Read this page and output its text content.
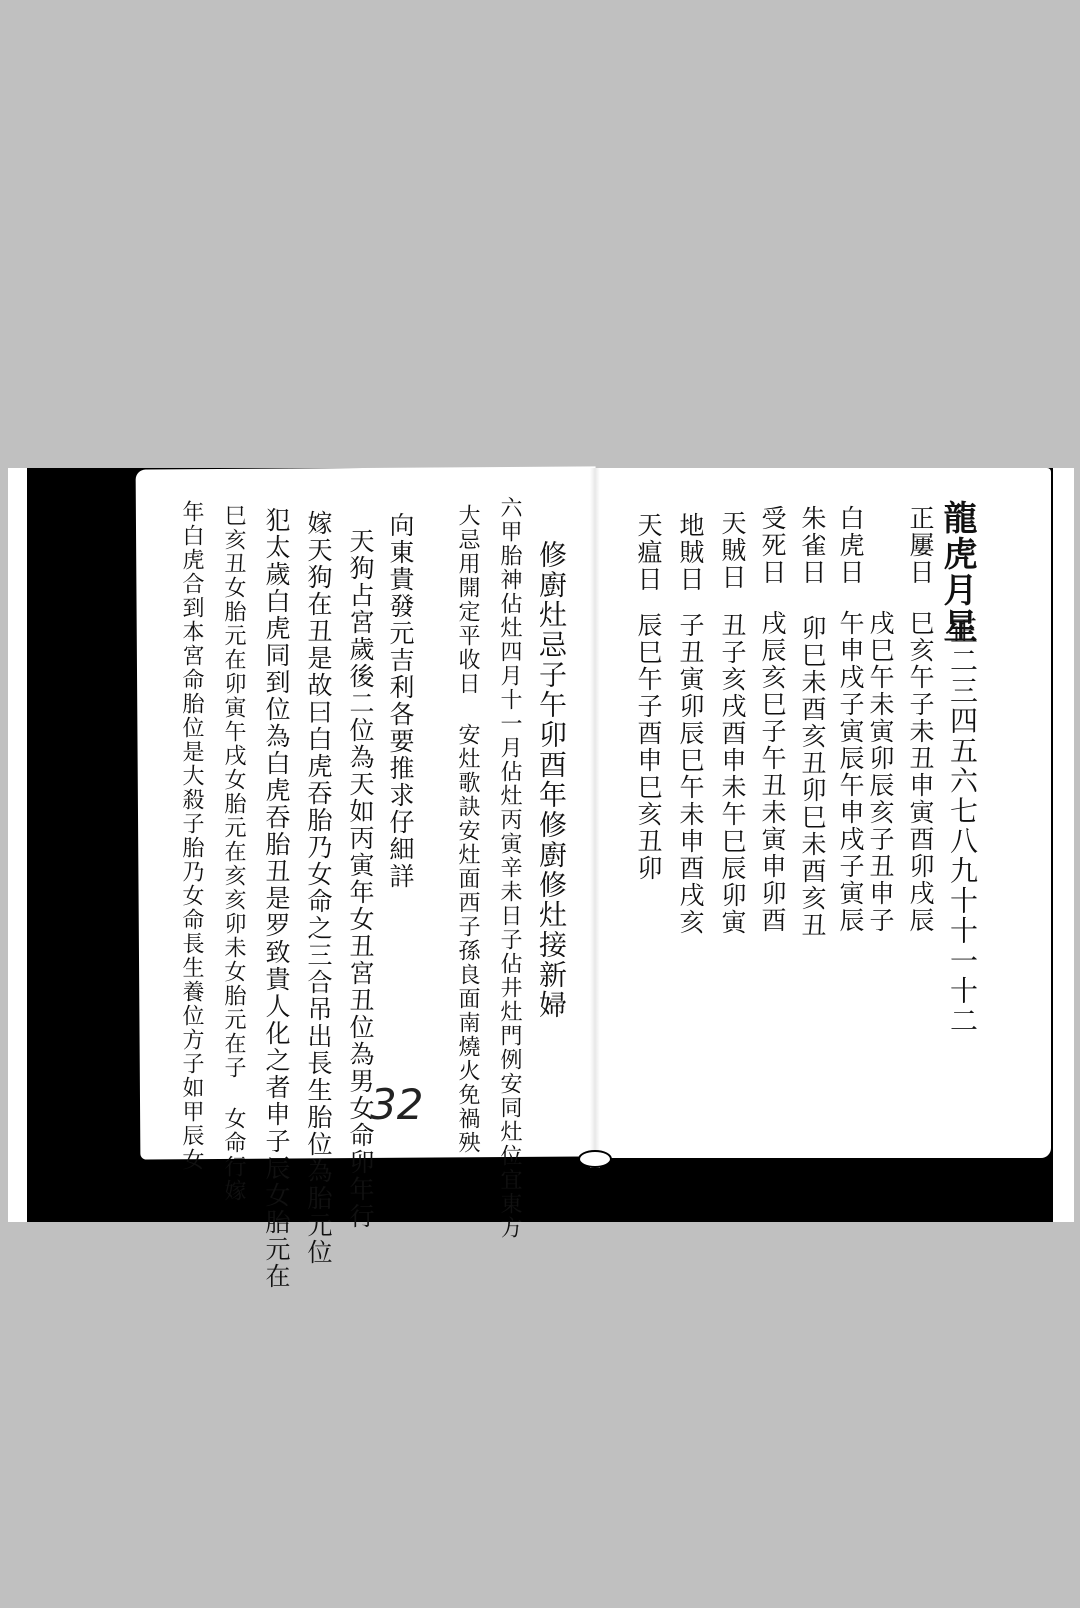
龍虎月星
正二三四五六七八九十十一十二
正屢日
巳亥午子未丑申寅酉卯戌辰
戌巳午未寅卯辰亥子丑申子
白虎日
午申戌子寅辰午申戌子寅辰
朱雀日
卯巳未酉亥丑卯巳未酉亥丑
受死日
戌辰亥巳子午丑未寅申卯酉
天賊日
丑子亥戌酉申未午巳辰卯寅
地賊日
子丑寅卯辰巳午未申酉戌亥
天瘟日
辰巳午子酉申巳亥丑卯
修廚灶忌子午卯酉年修廚修灶接新婦
六甲胎神佔灶四月十一月佔灶丙寅辛未日子佔井灶門例安同灶位宜東方
大忌用開定平收日 安灶歌訣安灶面西子孫良面南燒火免禍殃
向東貴發元吉利各要推求仔細詳
天狗占宮歲後二位為天如丙寅年女丑宮丑位為男女命卯年行
嫁天狗在丑是故曰白虎吞胎乃女命之三合吊出長生胎位為胎元位
犯太歲白虎同到位為白虎吞胎丑是罗致貴人化之者申子辰女胎元在
巳亥丑女胎元在卯寅午戌女胎元在亥亥卯未女胎元在子 女命行嫁
年白虎合到本宮命胎位是大殺子胎乃女命長生養位方子如甲辰女	32
